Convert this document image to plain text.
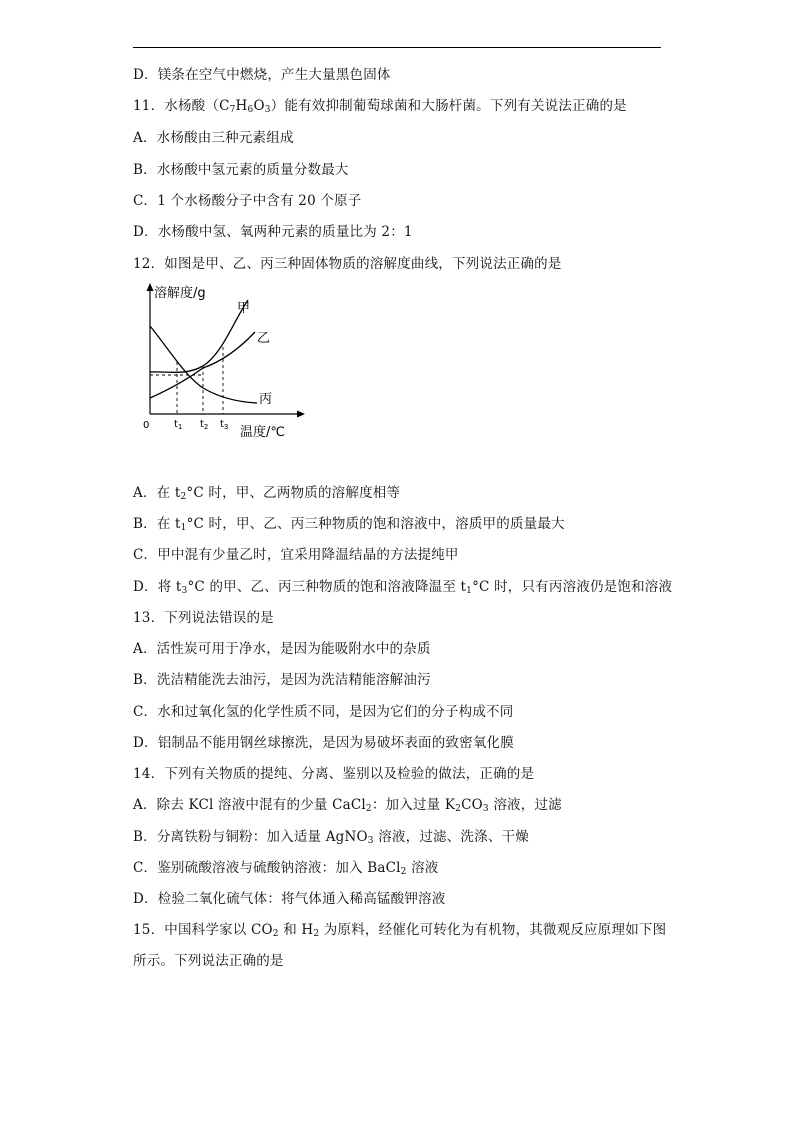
D．镁条在空气中燃烧，产生大量黑色固体
11．水杨酸$(C_7H_6O_3)$能有效抑制葡萄球菌和大肠杆菌。下列有关说法正确的是
A．水杨酸由三种元素组成
B．水杨酸中氢元素的质量分数最大
C．1 个水杨酸分子中含有 20 个原子
D．水杨酸中氢、氧两种元素的质量比为 2：1
12．如图是甲、乙、丙三种固体物质的溶解度曲线，下列说法正确的是
溶解度/g
甲
乙
丙
0 $t_1$ $t_2$ $t_3$ 温度/℃
A．在 $t_2^\circ C$ 时，甲、乙两物质的溶解度相等
B．在 $t_1^\circ C$ 时，甲、乙、丙三种物质的饱和溶液中，溶质甲的质量最大
C．甲中混有少量乙时，宜采用降温结晶的方法提纯甲
D．将 $t_3^\circ C$ 的甲、乙、丙三种物质的饱和溶液降温至 $t_1^\circ C$ 时，只有丙溶液仍是饱和溶液
13．下列说法错误的是
A．活性炭可用于净水，是因为能吸附水中的杂质
B．洗洁精能洗去油污，是因为洗洁精能溶解油污
C．水和过氧化氢的化学性质不同，是因为它们的分子构成不同
D．铝制品不能用钢丝球擦洗，是因为易破坏表面的致密氧化膜
14．下列有关物质的提纯、分离、鉴别以及检验的做法，正确的是
A．除去 KCl 溶液中混有的少量 CaCl$_2$：加入过量 $K_2CO_3$ 溶液，过滤
B．分离铁粉与铜粉：加入适量 AgNO$_3$ 溶液，过滤、洗涤、干燥
C．鉴别硫酸溶液与硫酸钠溶液：加入 BaCl$_2$ 溶液
D．检验二氧化硫气体：将气体通入稀高锰酸钾溶液
15．中国科学家以 $CO_2$ 和 $H_2$ 为原料，经催化可转化为有机物，其微观反应原理如下图
所示。下列说法正确的是
